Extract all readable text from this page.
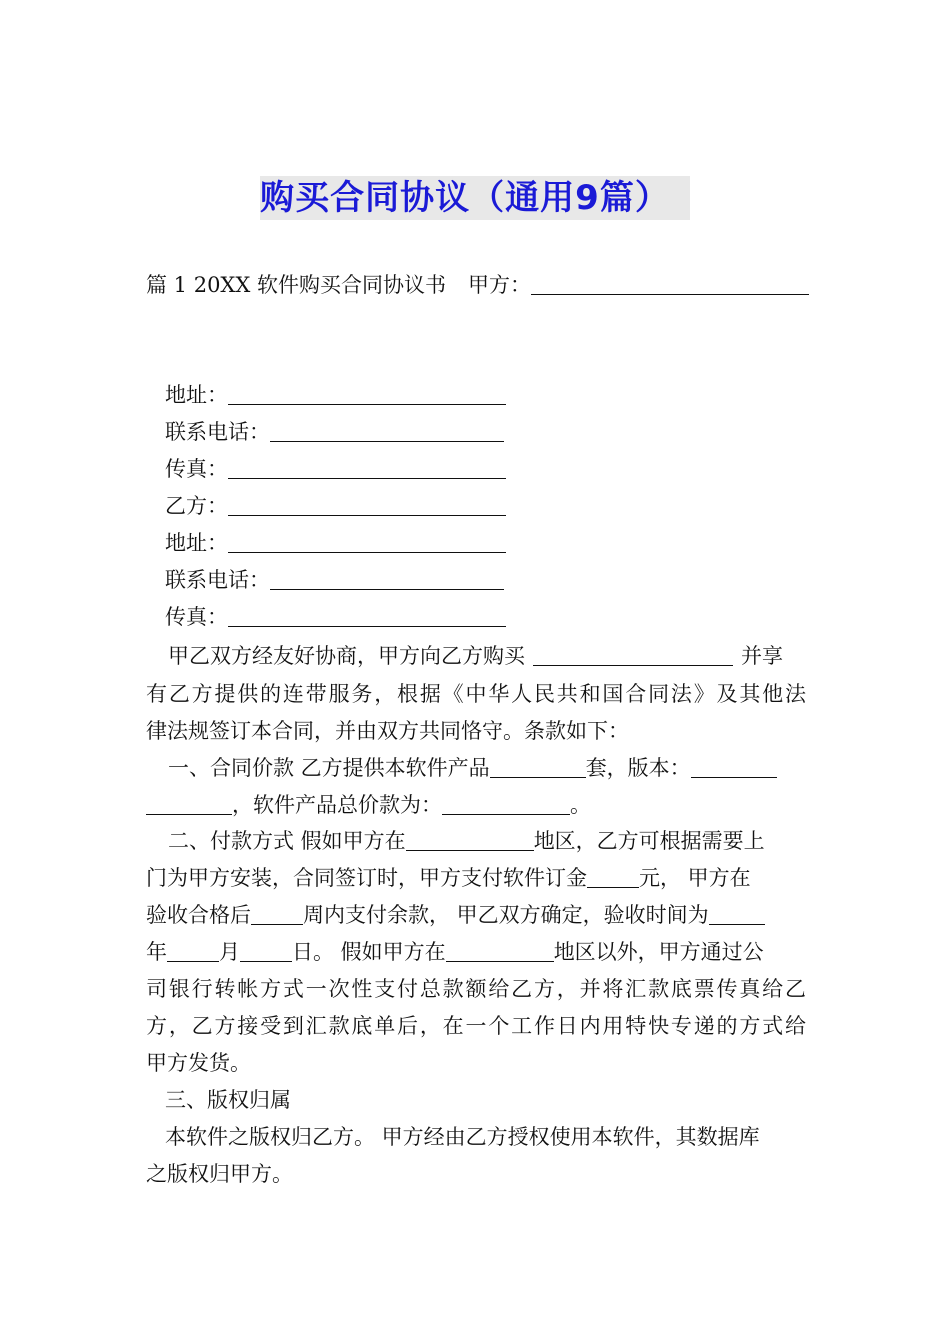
购买合同协议（通用9篇）
篇 1 20XX 软件购买合同协议书 甲方：
地址：
联系电话：
传真：
乙方：
地址：
联系电话：
传真：
甲乙双方经友好协商，甲方向乙方购买	并享
有乙方提供的连带服务，根据《中华人民共和国合同法》及其他法
律法规签订本合同，并由双方共同恪守。条款如下：
一、合同价款 乙方提供本软件产品	套，版本：
，软件产品总价款为：	。
二、付款方式 假如甲方在	地区，乙方可根据需要上
门为甲方安装，合同签订时，甲方支付软件订金 元， 甲方在
验收合格后 周内支付余款， 甲乙双方确定，验收时间为
年 月 日。 假如甲方在	地区以外，甲方通过公
司银行转帐方式一次性支付总款额给乙方，并将汇款底票传真给乙
方，乙方接受到汇款底单后，在一个工作日内用特快专递的方式给
甲方发货。
三、版权归属
本软件之版权归乙方。 甲方经由乙方授权使用本软件，其数据库
之版权归甲方。
